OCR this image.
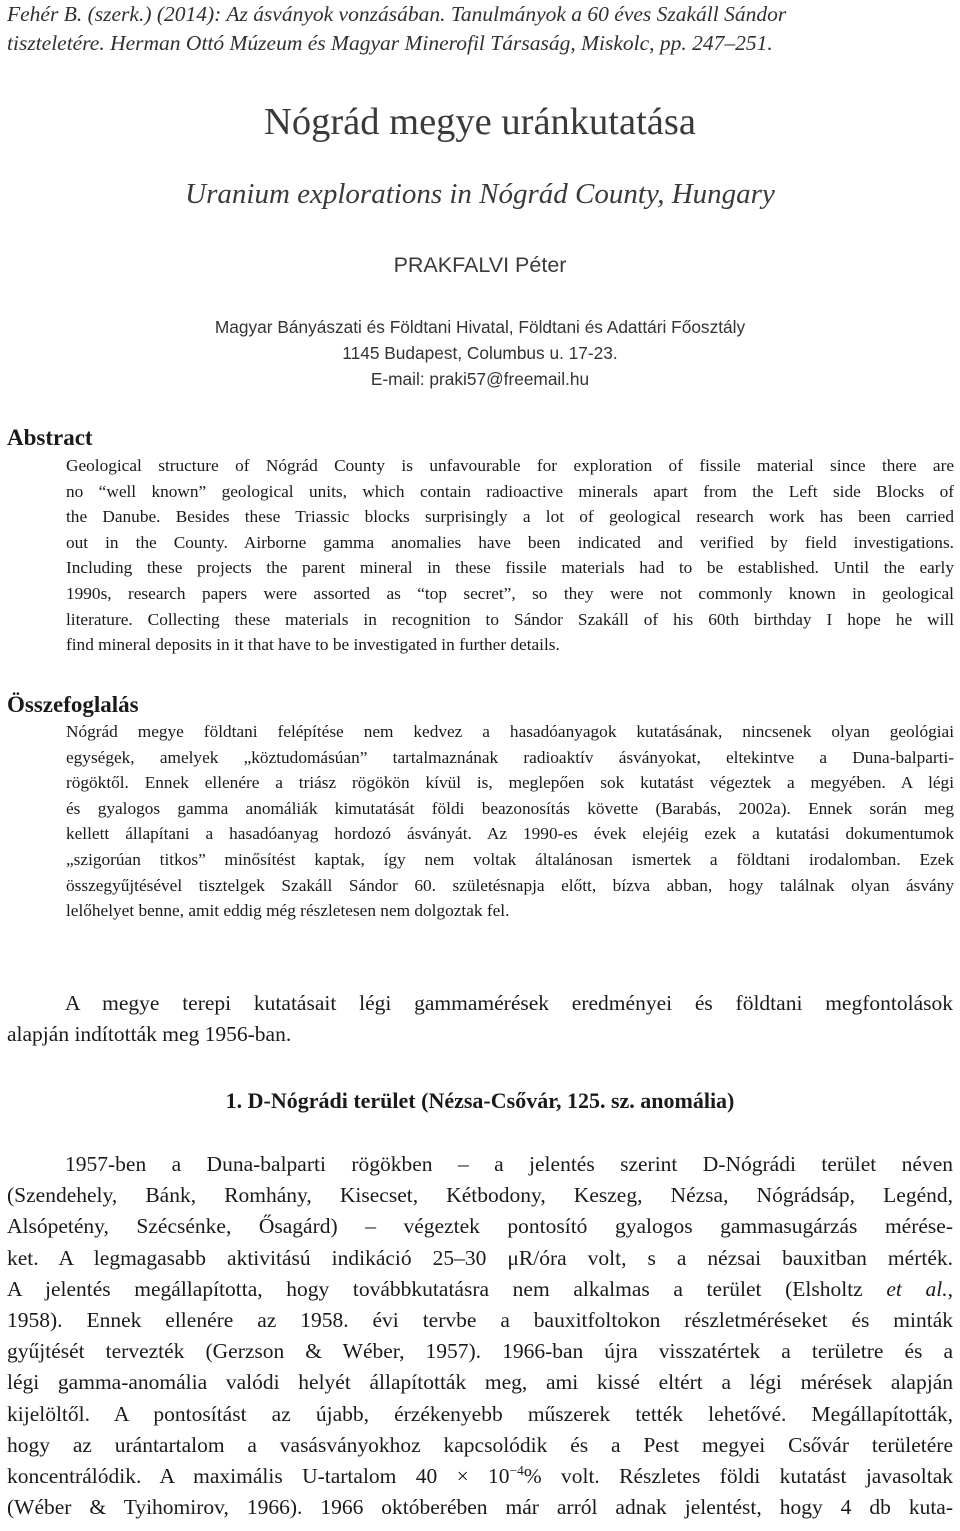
Fehér B. (szerk.) (2014): Az ásványok vonzásában. Tanulmányok a 60 éves Szakáll Sándor
tiszteletére. Herman Ottó Múzeum és Magyar Minerofil Társaság, Miskolc, pp. 247–251.
Nógrád megye uránkutatása
Uranium explorations in Nógrád County, Hungary
PRAKFALVI Péter
Magyar Bányászati és Földtani Hivatal, Földtani és Adattári Főosztály
1145 Budapest, Columbus u. 17-23.
E-mail: praki57@freemail.hu
Abstract
Geological structure of Nógrád County is unfavourable for exploration of fissile material since there are
no “well known” geological units, which contain radioactive minerals apart from the Left side Blocks of
the Danube. Besides these Triassic blocks surprisingly a lot of geological research work has been carried
out in the County. Airborne gamma anomalies have been indicated and verified by field investigations.
Including these projects the parent mineral in these fissile materials had to be established. Until the early
1990s, research papers were assorted as “top secret”, so they were not commonly known in geological
literature. Collecting these materials in recognition to Sándor Szakáll of his 60th birthday I hope he will
find mineral deposits in it that have to be investigated in further details.
Összefoglalás
Nógrád megye földtani felépítése nem kedvez a hasadóanyagok kutatásának, nincsenek olyan geológiai
egységek, amelyek „köztudomásúan” tartalmaznának radioaktív ásványokat, eltekintve a Duna-balparti-
rögöktől. Ennek ellenére a triász rögökön kívül is, meglepően sok kutatást végeztek a megyében. A légi
és gyalogos gamma anomáliák kimutatását földi beazonosítás követte (Barabás, 2002a). Ennek során meg
kellett állapítani a hasadóanyag hordozó ásványát. Az 1990-es évek elejéig ezek a kutatási dokumentumok
„szigorúan titkos” minősítést kaptak, így nem voltak általánosan ismertek a földtani irodalomban. Ezek
összegyűjtésével tisztelgek Szakáll Sándor 60. születésnapja előtt, bízva abban, hogy találnak olyan ásvány
lelőhelyet benne, amit eddig még részletesen nem dolgoztak fel.
A megye terepi kutatásait légi gammamérések eredményei és földtani megfontolások
alapján indították meg 1956-ban.
1. D-Nógrádi terület (Nézsa-Csővár, 125. sz. anomália)
1957-ben a Duna-balparti rögökben – a jelentés szerint D-Nógrádi terület néven
(Szendehely, Bánk, Romhány, Kisecset, Kétbodony, Keszeg, Nézsa, Nógrádsáp, Legénd,
Alsópetény, Szécsénke, Ősagárd) – végeztek pontosító gyalogos gammasugárzás mérése-
ket. A legmagasabb aktivitású indikáció 25–30 μR/óra volt, s a nézsai bauxitban mérték.
A jelentés megállapította, hogy továbbkutatásra nem alkalmas a terület (Elsholtz et al.,
1958). Ennek ellenére az 1958. évi tervbe a bauxitfoltokon részletméréseket és minták
gyűjtését tervezték (Gerzson & Wéber, 1957). 1966-ban újra visszatértek a területre és a
légi gamma-anomália valódi helyét állapították meg, ami kissé eltért a légi mérések alapján
kijelöltől. A pontosítást az újabb, érzékenyebb műszerek tették lehetővé. Megállapították,
hogy az urántartalom a vasásványokhoz kapcsolódik és a Pest megyei Csővár területére
koncentrálódik. A maximális U-tartalom $40 \times 10^{-4}\%$ volt. Részletes földi kutatást javasoltak
(Wéber & Tyihomirov, 1966). 1966 októberében már arról adnak jelentést, hogy 4 db kuta-
